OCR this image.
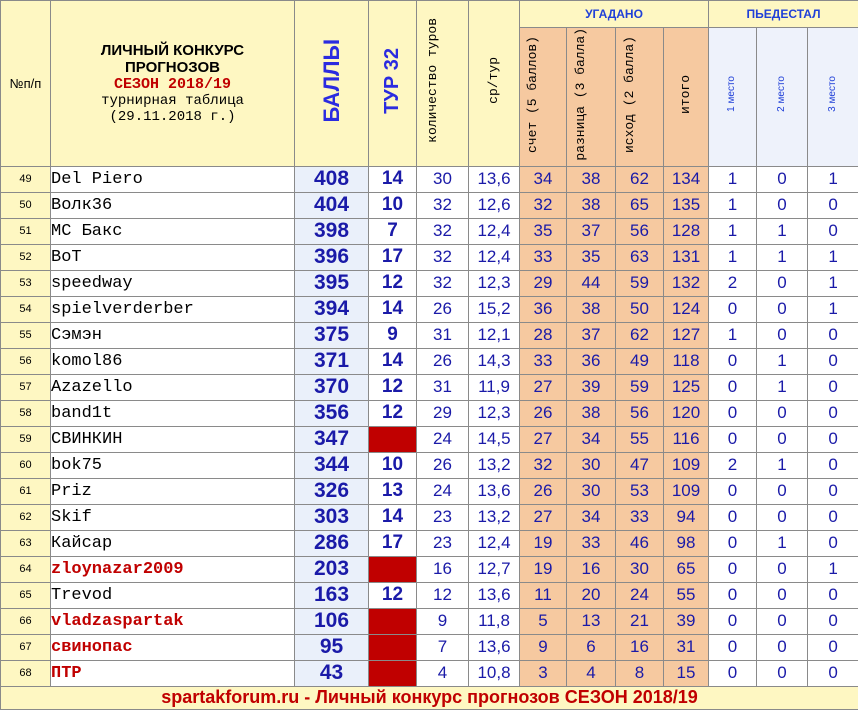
№п/п	ЛИЧНЫЙ КОНКУРС
ПРОГНОЗОВ
СЕЗОН 2018/19
турнирная таблица
(29.11.2018 г.)	БАЛЛЫ	ТУР 32	количество туров	ср/тур	УГАДАНО				ПЬЕДЕСТАЛ		
						счет (5 баллов)	разница (3 балла)	исход (2 балла)	итого	1 место	2 место	3 место
49	Del Piero	408	14	30	13,6	34	38	62	134	1	0	1
50	Волк36	404	10	32	12,6	32	38	65	135	1	0	0
51	MC Бакс	398	7	32	12,4	35	37	56	128	1	1	0
52	BoT	396	17	32	12,4	33	35	63	131	1	1	1
53	speedway	395	12	32	12,3	29	44	59	132	2	0	1
54	spielverderber	394	14	26	15,2	36	38	50	124	0	0	1
55	Сэмэн	375	9	31	12,1	28	37	62	127	1	0	0
56	komol86	371	14	26	14,3	33	36	49	118	0	1	0
57	Azazello	370	12	31	11,9	27	39	59	125	0	1	0
58	band1t	356	12	29	12,3	26	38	56	120	0	0	0
59	СВИНКИН	347		24	14,5	27	34	55	116	0	0	0
60	bok75	344	10	26	13,2	32	30	47	109	2	1	0
61	Priz	326	13	24	13,6	26	30	53	109	0	0	0
62	Skif	303	14	23	13,2	27	34	33	94	0	0	0
63	Кайсар	286	17	23	12,4	19	33	46	98	0	1	0
64	zloynazar2009	203		16	12,7	19	16	30	65	0	0	1
65	Trevod	163	12	12	13,6	11	20	24	55	0	0	0
66	vladzaspartak	106		9	11,8	5	13	21	39	0	0	0
67	свинопас	95		7	13,6	9	6	16	31	0	0	0
68	ПТР	43		4	10,8	3	4	8	15	0	0	0
spartakforum.ru - Личный конкурс прогнозов СЕЗОН 2018/19												
